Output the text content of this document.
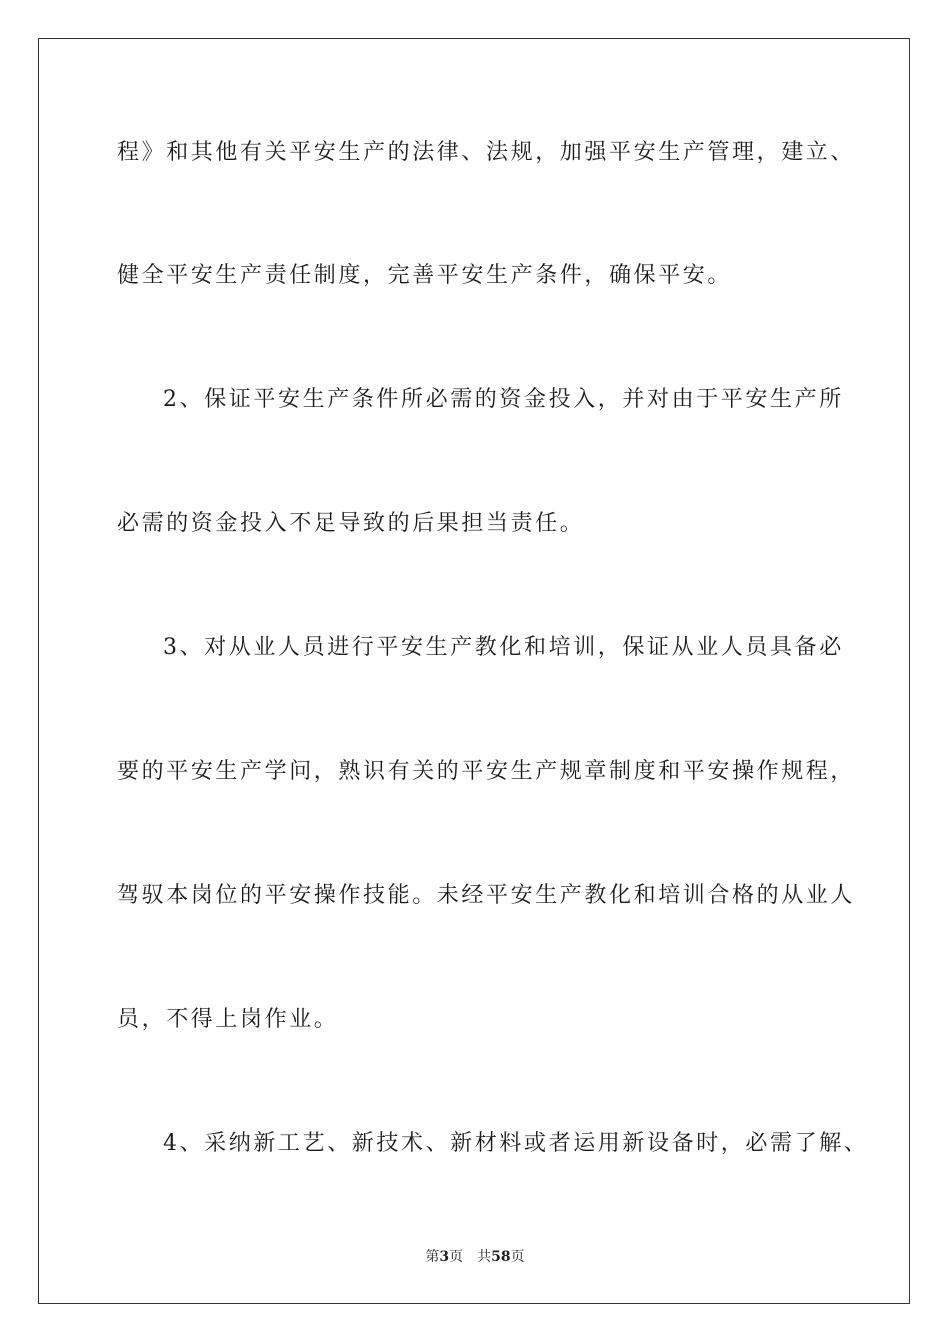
程》和其他有关平安生产的法律、法规，加强平安生产管理，建立、
健全平安生产责任制度，完善平安生产条件，确保平安。
2、保证平安生产条件所必需的资金投入，并对由于平安生产所
必需的资金投入不足导致的后果担当责任。
3、对从业人员进行平安生产教化和培训，保证从业人员具备必
要的平安生产学问，熟识有关的平安生产规章制度和平安操作规程，
驾驭本岗位的平安操作技能。未经平安生产教化和培训合格的从业人
员，不得上岗作业。
4、采纳新工艺、新技术、新材料或者运用新设备时，必需了解、
第3页 共58页
